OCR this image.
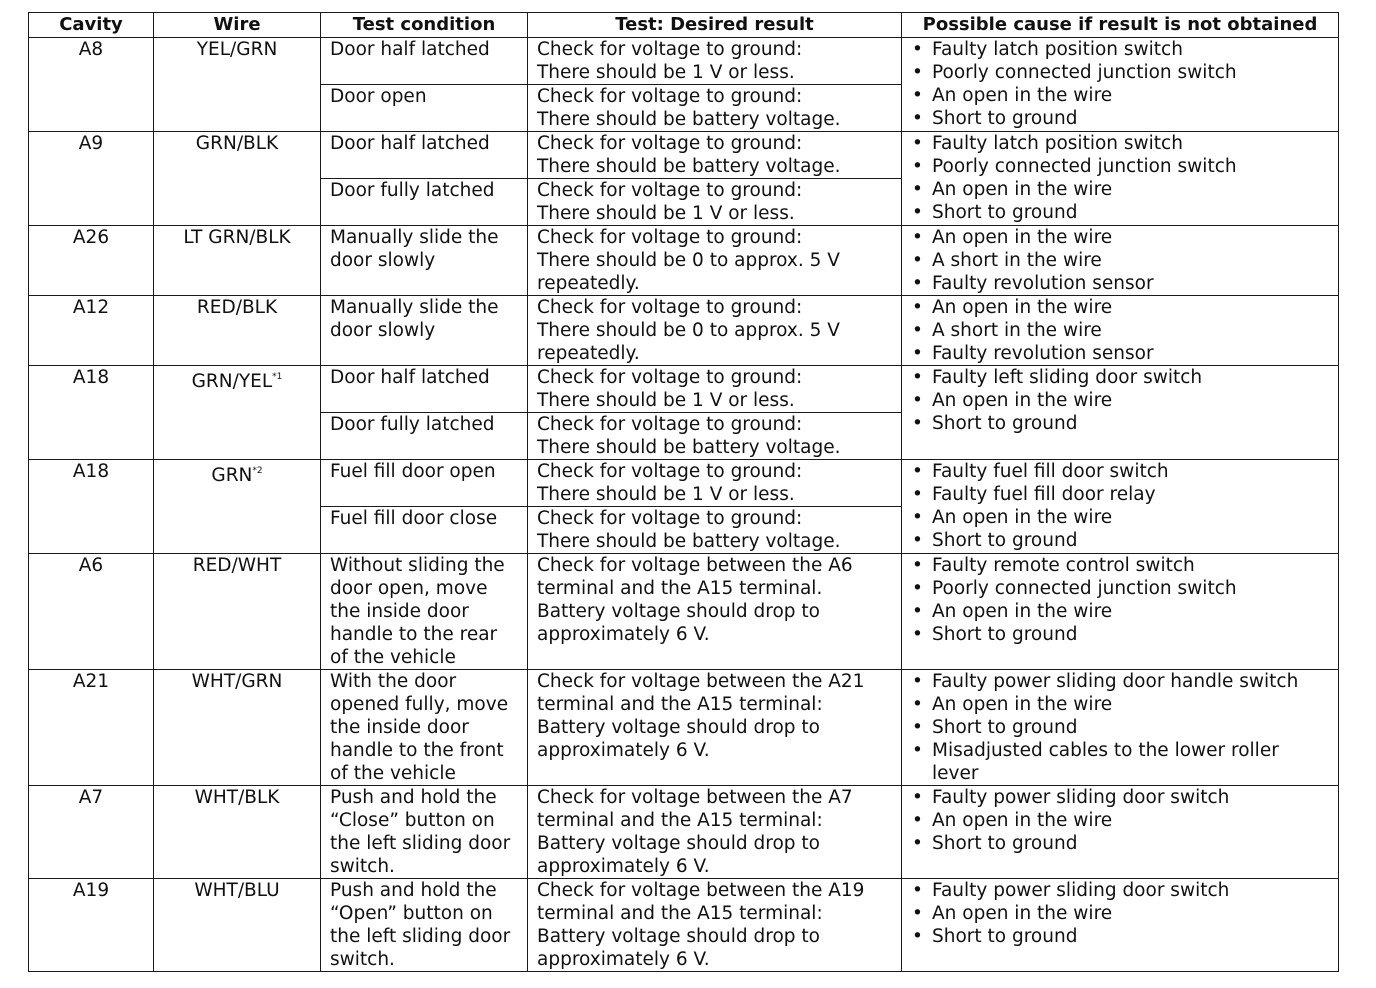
Cavity	Wire	Test condition	Test: Desired result	Possible cause if result is not obtained
A8	YEL/GRN	Door half latched	Check for voltage to ground:
There should be 1 V or less.	• Faulty latch position switch
• Poorly connected junction switch
• An open in the wire
• Short to ground

		Door open	Check for voltage to ground:
There should be battery voltage.	

A9	GRN/BLK	Door half latched	Check for voltage to ground:
There should be battery voltage.	• Faulty latch position switch
• Poorly connected junction switch
• An open in the wire
• Short to ground

		Door fully latched	Check for voltage to ground:
There should be 1 V or less.	

A26	LT GRN/BLK	Manually slide the
door slowly	Check for voltage to ground:
There should be 0 to approx. 5 V
repeatedly.	• An open in the wire
• A short in the wire
• Faulty revolution sensor

A12	RED/BLK	Manually slide the
door slowly	Check for voltage to ground:
There should be 0 to approx. 5 V
repeatedly.	• An open in the wire
• A short in the wire
• Faulty revolution sensor

A18	GRN/YEL$^{*1}$	Door half latched	Check for voltage to ground:
There should be 1 V or less.	• Faulty left sliding door switch
• An open in the wire
• Short to ground

		Door fully latched	Check for voltage to ground:
There should be battery voltage.	

A18	GRN$^{*2}$	Fuel fill door open	Check for voltage to ground:
There should be 1 V or less.	• Faulty fuel fill door switch
• Faulty fuel fill door relay
• An open in the wire
• Short to ground

		Fuel fill door close	Check for voltage to ground:
There should be battery voltage.	

A6	RED/WHT	Without sliding the
door open, move
the inside door
handle to the rear
of the vehicle	Check for voltage between the A6
terminal and the A15 terminal.
Battery voltage should drop to
approximately 6 V.	• Faulty remote control switch
• Poorly connected junction switch
• An open in the wire
• Short to ground

A21	WHT/GRN	With the door
opened fully, move
the inside door
handle to the front
of the vehicle	Check for voltage between the A21
terminal and the A15 terminal:
Battery voltage should drop to
approximately 6 V.	• Faulty power sliding door handle switch
• An open in the wire
• Short to ground
• Misadjusted cables to the lower roller lever

A7	WHT/BLK	Push and hold the
“Close” button on
the left sliding door
switch.	Check for voltage between the A7
terminal and the A15 terminal:
Battery voltage should drop to
approximately 6 V.	• Faulty power sliding door switch
• An open in the wire
• Short to ground

A19	WHT/BLU	Push and hold the
“Open” button on
the left sliding door
switch.	Check for voltage between the A19
terminal and the A15 terminal:
Battery voltage should drop to
approximately 6 V.	• Faulty power sliding door switch
• An open in the wire
• Short to ground
